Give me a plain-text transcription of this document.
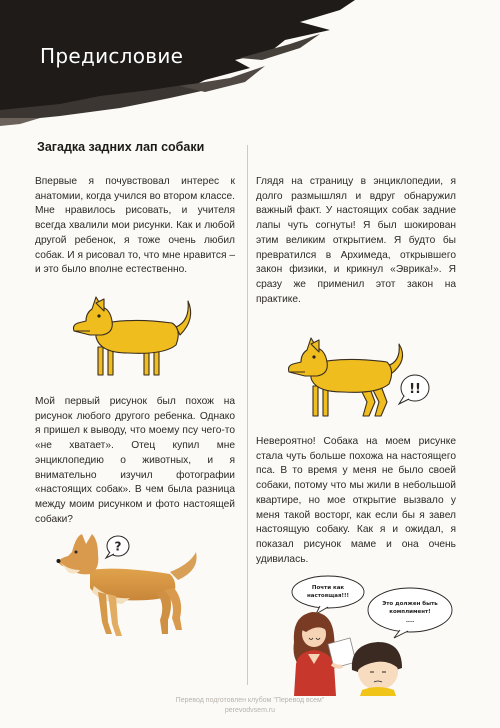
Предисловие
Загадка задних лап собаки

Впервые я почувствовал интерес к анатомии, когда учился во втором классе. Мне нравилось рисовать, и учителя всегда хвалили мои рисунки. Как и любой другой ребенок, я тоже очень любил собак. И я рисовал то, что мне нравится – и это было вполне естественно.

Мой первый рисунок был похож на рисунок любого другого ребенка. Однако я пришел к выводу, что моему псу чего-то «не хватает». Отец купил мне энциклопедию о животных, и я внимательно изучил фотографии «настоящих собак». В чем была разница между моим рисунком и фото настоящей собаки?

?

Глядя на страницу в энциклопедии, я долго размышлял и вдруг обнаружил важный факт. У настоящих собак задние лапы чуть согнуты! Я был шокирован этим великим открытием. Я будто бы превратился в Архимеда, открывшего закон физики, и крикнул «Эврика!». Я сразу же применил этот закон на практике.

!!

Невероятно! Собака на моем рисунке стала чуть больше похожа на настоящего пса. В то время у меня не было своей собаки, потому что мы жили в небольшой квартире, но мое открытие вызвало у меня такой восторг, как если бы я завел настоящую собаку. Как я и ожидал, я показал рисунок маме и она очень удивилась.

Почти как
настоящая!!!
Это должен быть
комплимент!
....
Перевод подготовлен клубом "Перевод всем"
perevodvsem.ru
